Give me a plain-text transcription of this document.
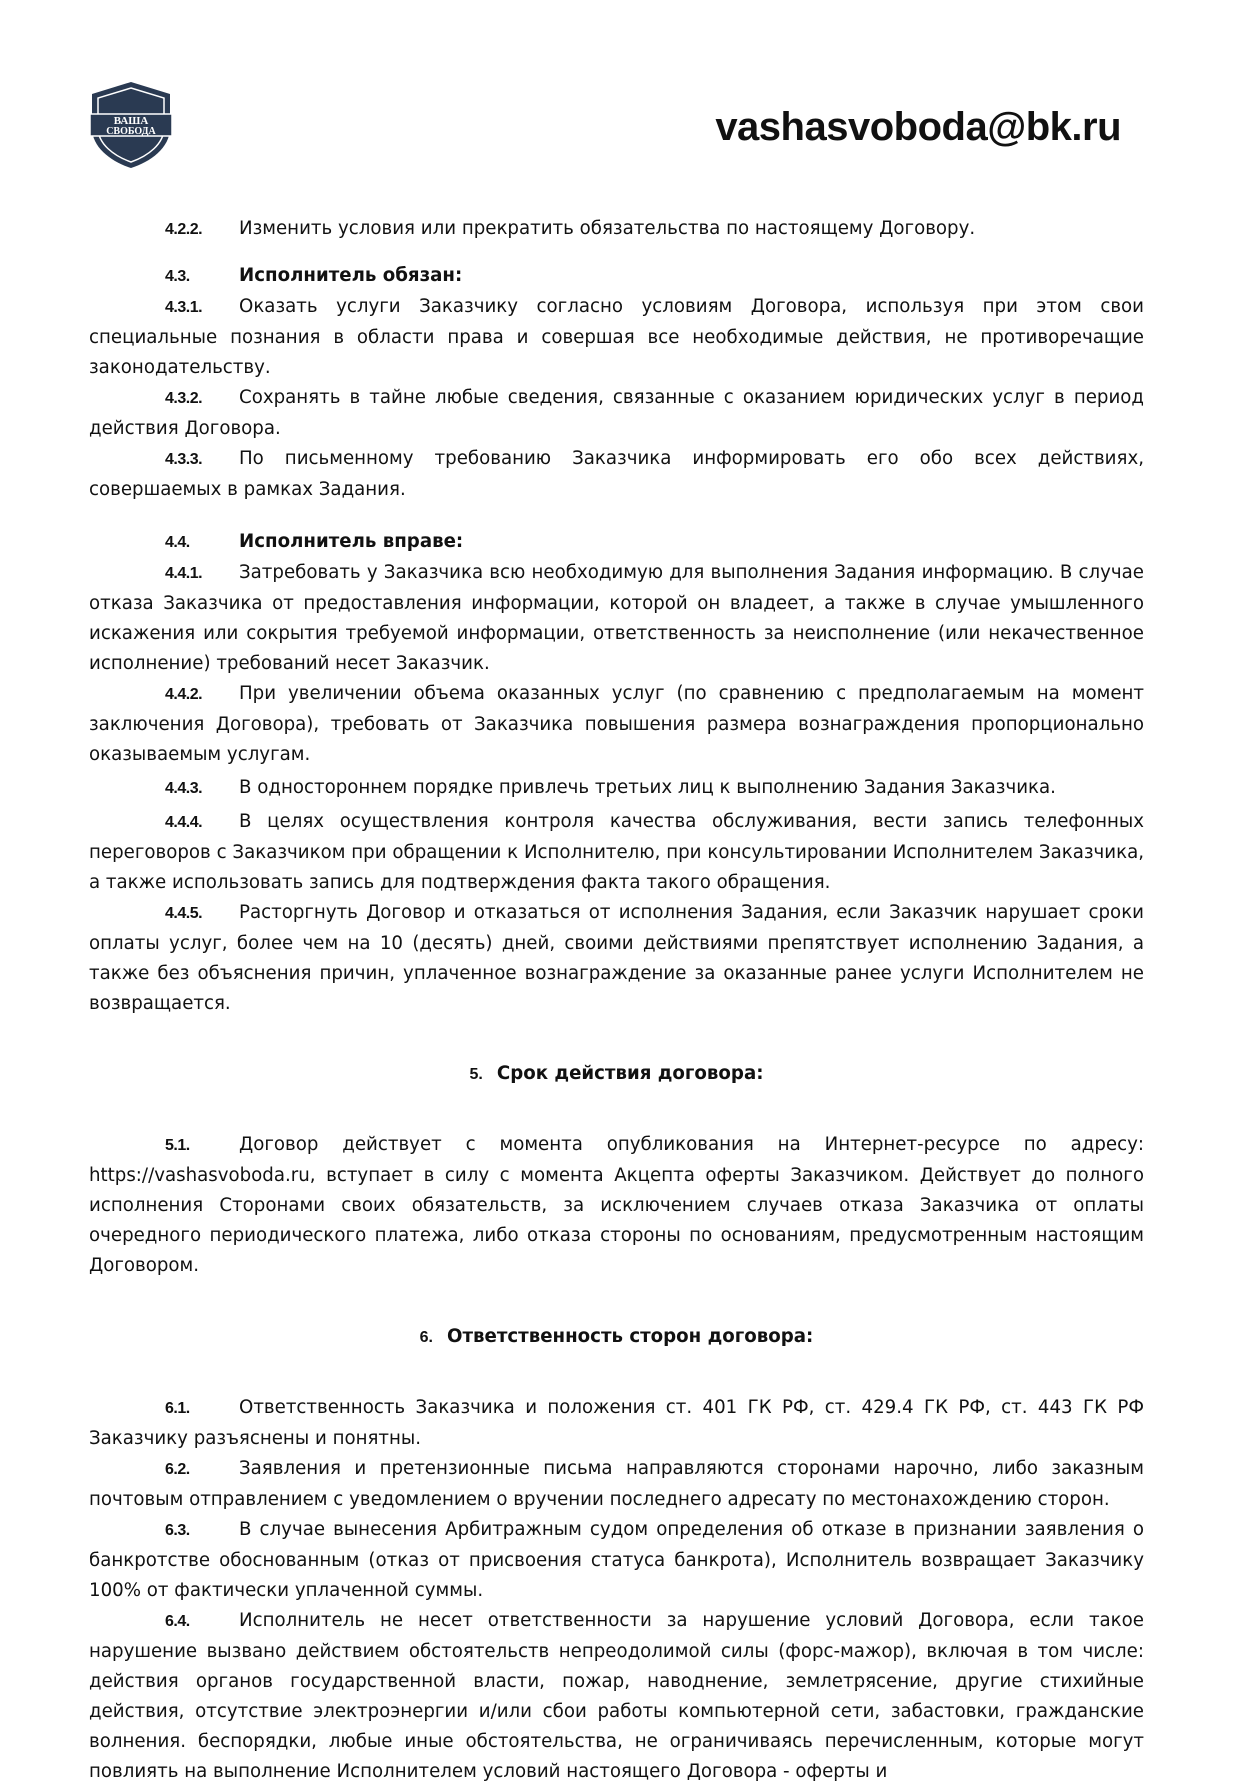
ВАША
СВОБОДА	vashasvoboda@bk.ru

4.2.2. Изменить условия или прекратить обязательства по настоящему Договору.

4.3.	Исполнитель обязан:

4.3.1. Оказать услуги Заказчику согласно условиям Договора, используя при этом свои специальные познания в области права и совершая все необходимые действия, не противоречащие законодательству.

4.3.2. Сохранять в тайне любые сведения, связанные с оказанием юридических услуг в период действия Договора.

4.3.3. По письменному требованию Заказчика информировать его обо всех действиях, совершаемых в рамках Задания.

4.4.	Исполнитель вправе:

4.4.1. Затребовать у Заказчика всю необходимую для выполнения Задания информацию. В случае отказа Заказчика от предоставления информации, которой он владеет, а также в случае умышленного искажения или сокрытия требуемой информации, ответственность за неисполнение (или некачественное исполнение) требований несет Заказчик.

4.4.2. При увеличении объема оказанных услуг (по сравнению с предполагаемым на момент заключения Договора), требовать от Заказчика повышения размера вознаграждения пропорционально оказываемым услугам.

4.4.3. В одностороннем порядке привлечь третьих лиц к выполнению Задания Заказчика.

4.4.4. В целях осуществления контроля качества обслуживания, вести запись телефонных переговоров с Заказчиком при обращении к Исполнителю, при консультировании Исполнителем Заказчика, а также использовать запись для подтверждения факта такого обращения.

4.4.5. Расторгнуть Договор и отказаться от исполнения Задания, если Заказчик нарушает сроки оплаты услуг, более чем на 10 (десять) дней, своими действиями препятствует исполнению Задания, а также без объяснения причин, уплаченное вознаграждение за оказанные ранее услуги Исполнителем не возвращается.

5. Срок действия договора:

5.1.	Договор действует с момента опубликования на Интернет-ресурсе по адресу: https://vashasvoboda.ru, вступает в силу с момента Акцепта оферты Заказчиком. Действует до полного исполнения Сторонами своих обязательств, за исключением случаев отказа Заказчика от оплаты очередного периодического платежа, либо отказа стороны по основаниям, предусмотренным настоящим Договором.

6. Ответственность сторон договора:

6.1.	Ответственность Заказчика и положения ст. 401 ГК РФ, ст. 429.4 ГК РФ, ст. 443 ГК РФ Заказчику разъяснены и понятны.

6.2.	Заявления и претензионные письма направляются сторонами нарочно, либо заказным почтовым отправлением с уведомлением о вручении последнего адресату по местонахождению сторон.

6.3.	В случае вынесения Арбитражным судом определения об отказе в признании заявления о банкротстве обоснованным (отказ от присвоения статуса банкрота), Исполнитель возвращает Заказчику 100% от фактически уплаченной суммы.

6.4.	Исполнитель не несет ответственности за нарушение условий Договора, если такое нарушение вызвано действием обстоятельств непреодолимой силы (форс-мажор), включая в том числе: действия органов государственной власти, пожар, наводнение, землетрясение, другие стихийные действия, отсутствие электроэнергии и/или сбои работы компьютерной сети, забастовки, гражданские волнения. беспорядки, любые иные обстоятельства, не ограничиваясь перечисленным, которые могут повлиять на выполнение Исполнителем условий настоящего Договора - оферты и
